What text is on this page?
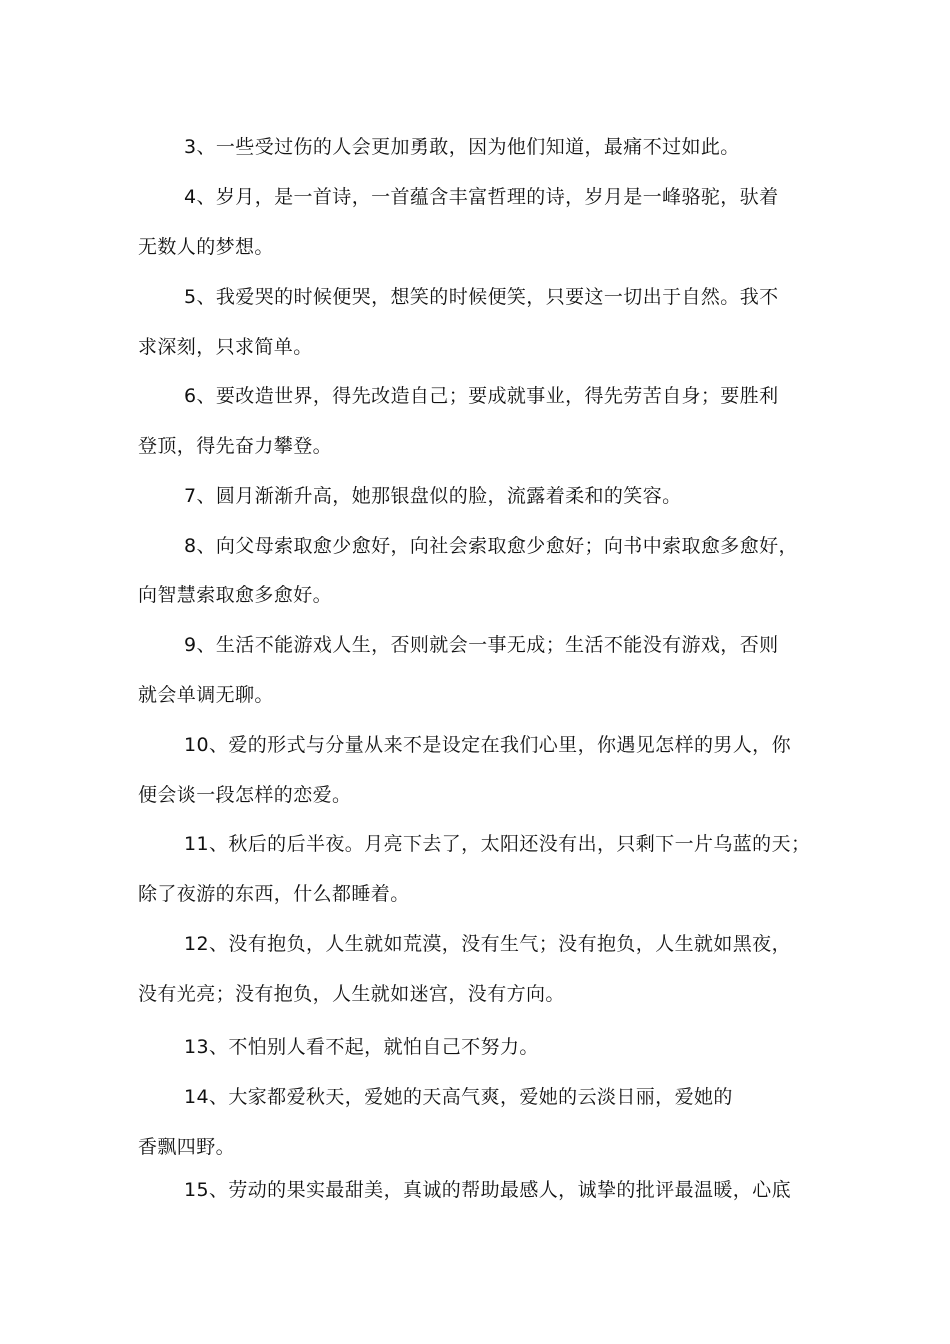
3、一些受过伤的人会更加勇敢，因为他们知道，最痛不过如此。
4、岁月，是一首诗，一首蕴含丰富哲理的诗，岁月是一峰骆驼，驮着
无数人的梦想。
5、我爱哭的时候便哭，想笑的时候便笑，只要这一切出于自然。我不
求深刻，只求简单。
6、要改造世界，得先改造自己；要成就事业，得先劳苦自身；要胜利
登顶，得先奋力攀登。
7、圆月渐渐升高，她那银盘似的脸，流露着柔和的笑容。
8、向父母索取愈少愈好，向社会索取愈少愈好；向书中索取愈多愈好，
向智慧索取愈多愈好。
9、生活不能游戏人生，否则就会一事无成；生活不能没有游戏，否则
就会单调无聊。
10、爱的形式与分量从来不是设定在我们心里，你遇见怎样的男人，你
便会谈一段怎样的恋爱。
11、秋后的后半夜。月亮下去了，太阳还没有出，只剩下一片乌蓝的天；
除了夜游的东西，什么都睡着。
12、没有抱负，人生就如荒漠，没有生气；没有抱负，人生就如黑夜，
没有光亮；没有抱负，人生就如迷宫，没有方向。
13、不怕别人看不起，就怕自己不努力。
14、大家都爱秋天，爱她的天高气爽，爱她的云淡日丽，爱她的
香飘四野。
15、劳动的果实最甜美，真诚的帮助最感人，诚挚的批评最温暖，心底
